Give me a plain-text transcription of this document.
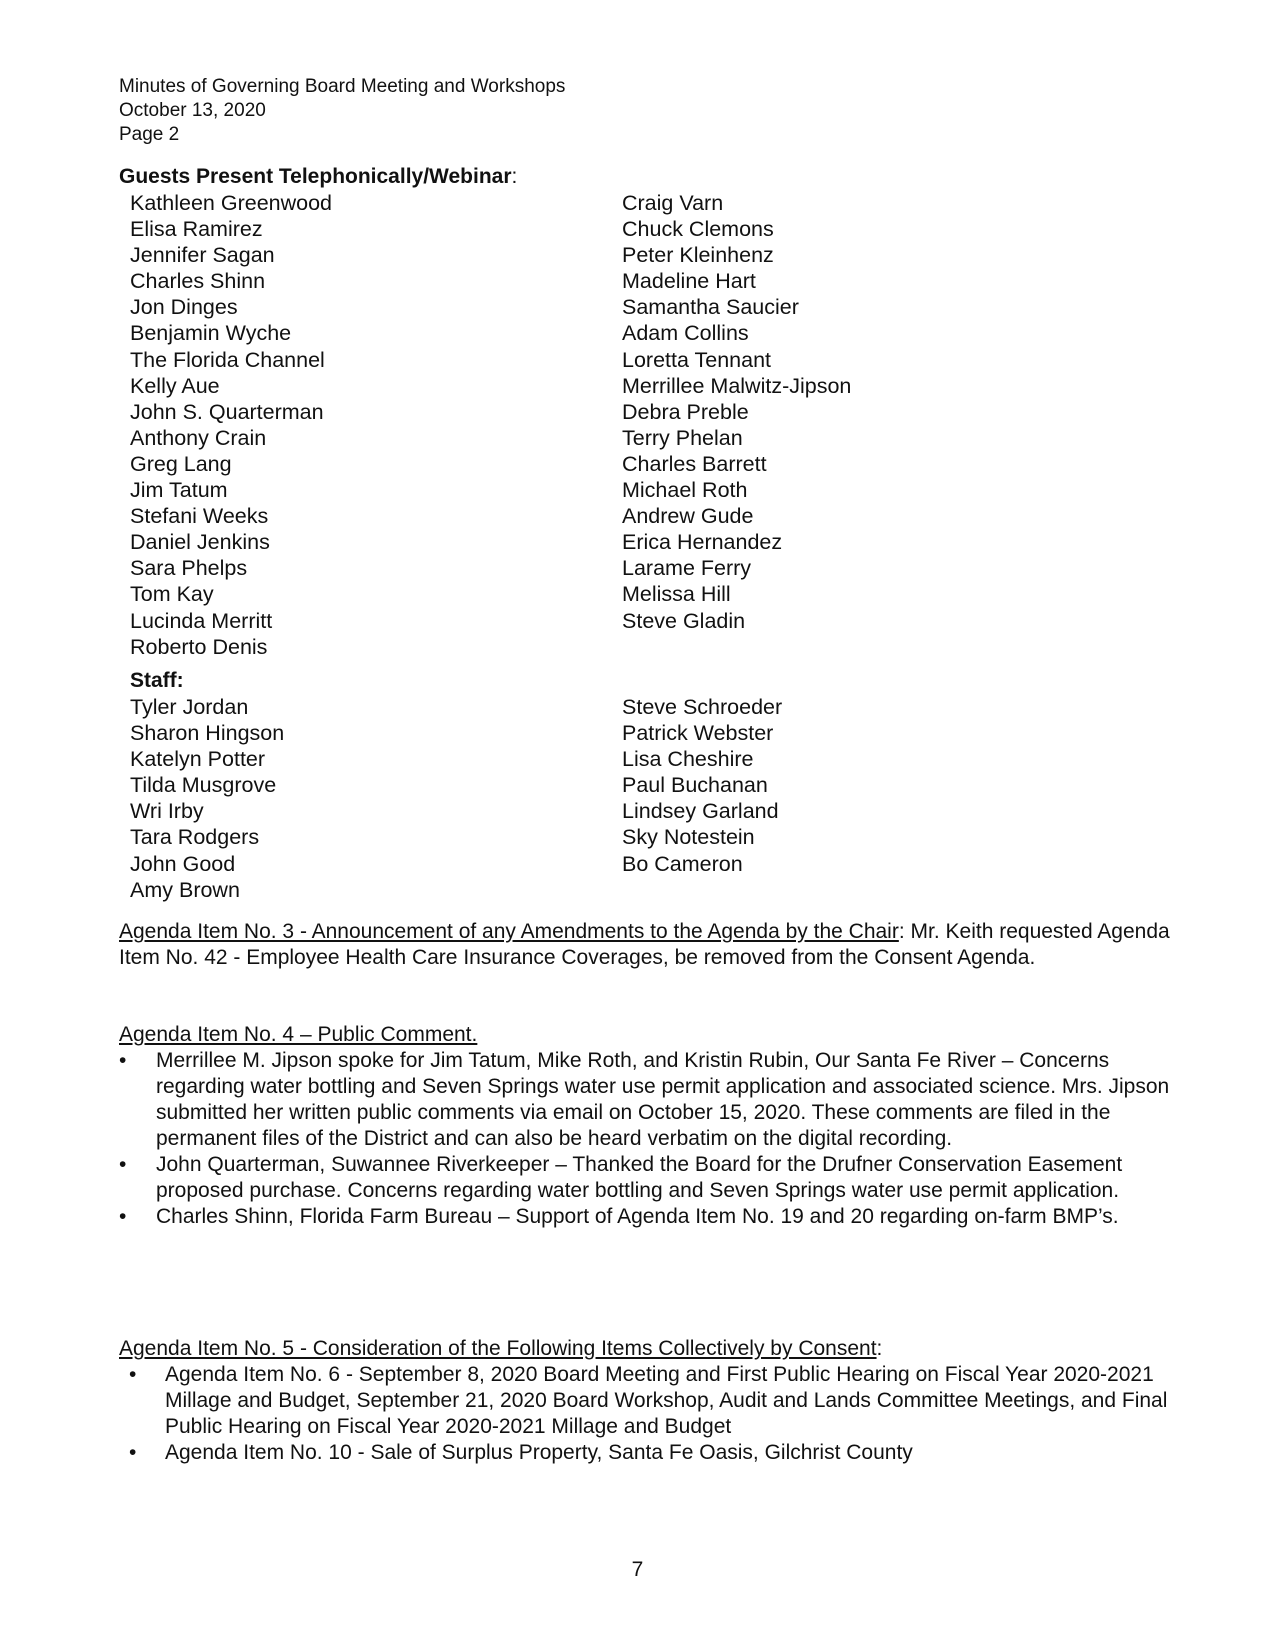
Minutes of Governing Board Meeting and Workshops
October 13, 2020
Page 2
Guests Present Telephonically/Webinar:
Kathleen Greenwood
Elisa Ramirez
Jennifer Sagan
Charles Shinn
Jon Dinges
Benjamin Wyche
The Florida Channel
Kelly Aue
John S. Quarterman
Anthony Crain
Greg Lang
Jim Tatum
Stefani Weeks
Daniel Jenkins
Sara Phelps
Tom Kay
Lucinda Merritt
Roberto Denis
Craig Varn
Chuck Clemons
Peter Kleinhenz
Madeline Hart
Samantha Saucier
Adam Collins
Loretta Tennant
Merrillee Malwitz-Jipson
Debra Preble
Terry Phelan
Charles Barrett
Michael Roth
Andrew Gude
Erica Hernandez
Larame Ferry
Melissa Hill
Steve Gladin
Staff:
Tyler Jordan
Sharon Hingson
Katelyn Potter
Tilda Musgrove
Wri Irby
Tara Rodgers
John Good
Amy Brown
Steve Schroeder
Patrick Webster
Lisa Cheshire
Paul Buchanan
Lindsey Garland
Sky Notestein
Bo Cameron

Agenda Item No. 3 - Announcement of any Amendments to the Agenda by the Chair: Mr. Keith requested Agenda Item No. 42 - Employee Health Care Insurance Coverages, be removed from the Consent Agenda.

Agenda Item No. 4 – Public Comment.

• Merrillee M. Jipson spoke for Jim Tatum, Mike Roth, and Kristin Rubin, Our Santa Fe River – Concerns regarding water bottling and Seven Springs water use permit application and associated science. Mrs. Jipson submitted her written public comments via email on October 15, 2020. These comments are filed in the permanent files of the District and can also be heard verbatim on the digital recording.
• John Quarterman, Suwannee Riverkeeper – Thanked the Board for the Drufner Conservation Easement proposed purchase. Concerns regarding water bottling and Seven Springs water use permit application.
• Charles Shinn, Florida Farm Bureau – Support of Agenda Item No. 19 and 20 regarding on-farm BMP’s.

Agenda Item No. 5 - Consideration of the Following Items Collectively by Consent:

• Agenda Item No. 6 - September 8, 2020 Board Meeting and First Public Hearing on Fiscal Year 2020-2021 Millage and Budget, September 21, 2020 Board Workshop, Audit and Lands Committee Meetings, and Final Public Hearing on Fiscal Year 2020-2021 Millage and Budget
• Agenda Item No. 10 - Sale of Surplus Property, Santa Fe Oasis, Gilchrist County
7
